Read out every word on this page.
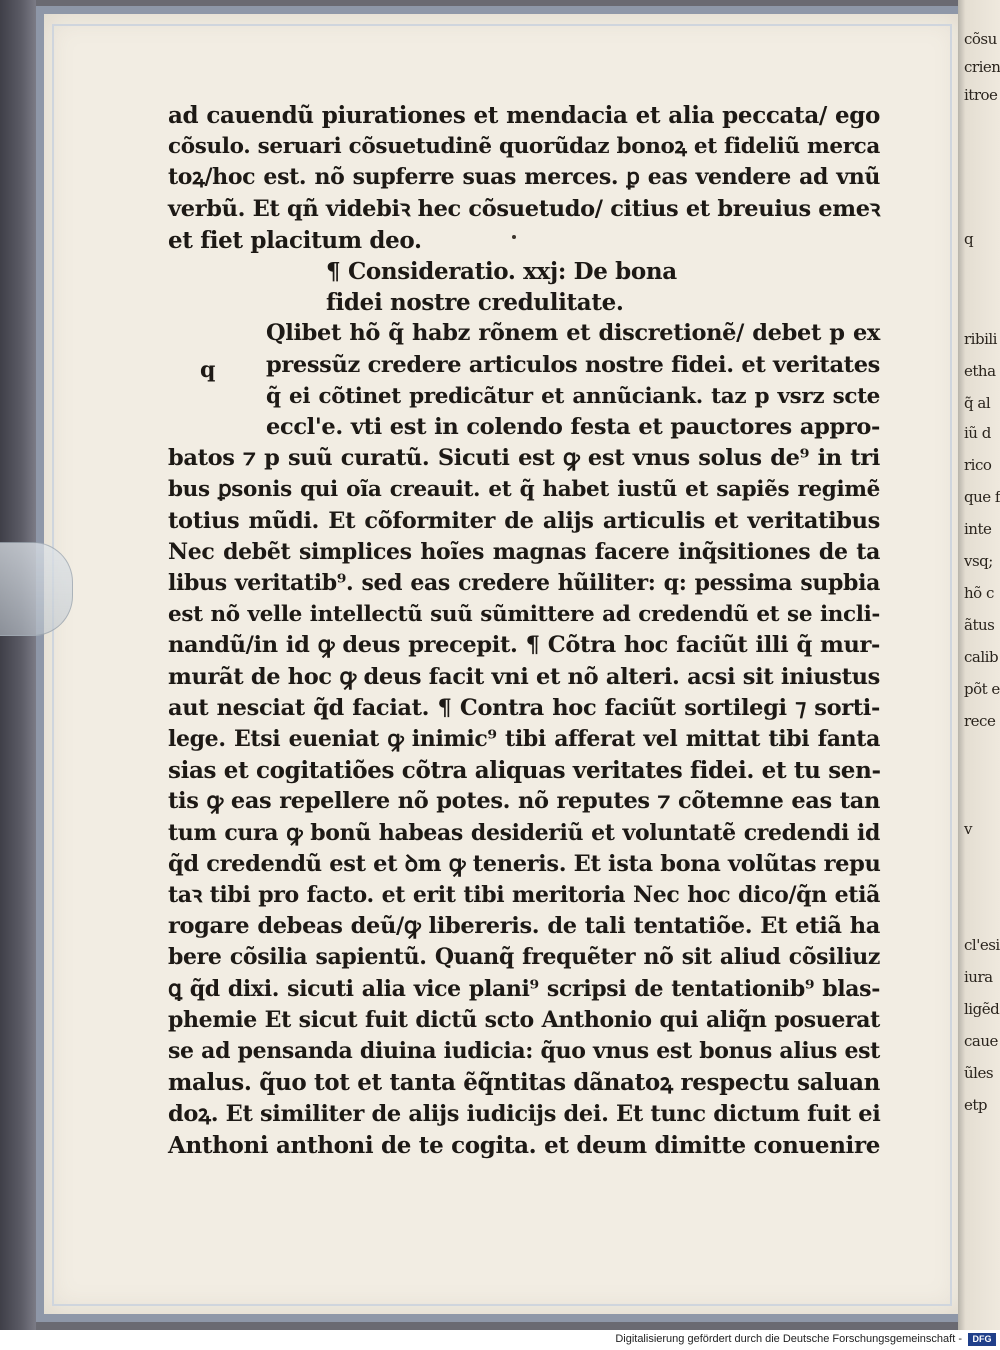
cõsu
crien
itroe
q
ribili
etha
q̃ al
iũ d
rico
que f
inte
vsq;
hõ c
ãtus
calib
põt e
rece
v
cl'esi
iura
ligẽd
caue
ũles
etp
q
ad cauendũ piurationes et mendacia et alia peccata/ ego
cõsulo. seruari cõsuetudinẽ quorũdaz bonoꝝ et fideliũ merca
toꝝ/hoc est. nõ supferre suas merces. ꝑ eas vendere ad vnũ
verbũ. Et qñ videbiꝛ hec cõsuetudo/ citius et breuius emeꝛ
et fiet placitum deo.
¶ Consideratio. xxj: De bona
fidei nostre credulitate.
Qlibet hõ q̃ habz rõnem et discretionẽ/ debet p ex
pressũz credere articulos nostre fidei. et veritates
q̃ ei cõtinet predicãtur et annũciank. taz p vsrz scte
eccl'e. vti est in colendo festa et pauctores appro-
batos ⁊ p suũ curatũ. Sicuti est ꝙ est vnus solus de⁹ in tri
bus ꝑsonis qui oĩa creauit. et q̃ habet iustũ et sapiẽs regimẽ
totius mũdi. Et cõformiter de alijs articulis et veritatibus
Nec debẽt simplices hoĩes magnas facere inq̃sitiones de ta
libus veritatib⁹. sed eas credere hũiliter: q: pessima supbia
est nõ velle intellectũ suũ sũmittere ad credendũ et se incli-
nandũ/in id ꝙ deus precepit. ¶ Cõtra hoc faciũt illi q̃ mur-
murãt de hoc ꝙ deus facit vni et nõ alteri. acsi sit iniustus
aut nesciat q̃d faciat. ¶ Contra hoc faciũt sortilegi ⁊ sorti-
lege. Etsi eueniat ꝙ inimic⁹ tibi afferat vel mittat tibi fanta
sias et cogitatiões cõtra aliquas veritates fidei. et tu sen-
tis ꝙ eas repellere nõ potes. nõ reputes ⁊ cõtemne eas tan
tum cura ꝙ bonũ habeas desideriũ et voluntatẽ credendi id
q̃d credendũ est et ꝺm ꝙ teneris. Et ista bona volũtas repu
taꝛ tibi pro facto. et erit tibi meritoria Nec hoc dico/q̃n etiã
rogare debeas deũ/ꝙ libereris. de tali tentatiõe. Et etiã ha
bere cõsilia sapientũ. Quanq̃ frequẽter nõ sit aliud cõsiliuz
ꝗ q̃d dixi. sicuti alia vice plani⁹ scripsi de tentationib⁹ blas-
phemie Et sicut fuit dictũ scto Anthonio qui aliq̃n posuerat
se ad pensanda diuina iudicia: q̃uo vnus est bonus alius est
malus. q̃uo tot et tanta ẽq̃ntitas dãnatoꝝ respectu saluan
doꝝ. Et similiter de alijs iudicijs dei. Et tunc dictum fuit ei
Anthoni anthoni de te cogita. et deum dimitte conuenire
Digitalisierung gefördert durch die Deutsche Forschungsgemeinschaft -	DFG
